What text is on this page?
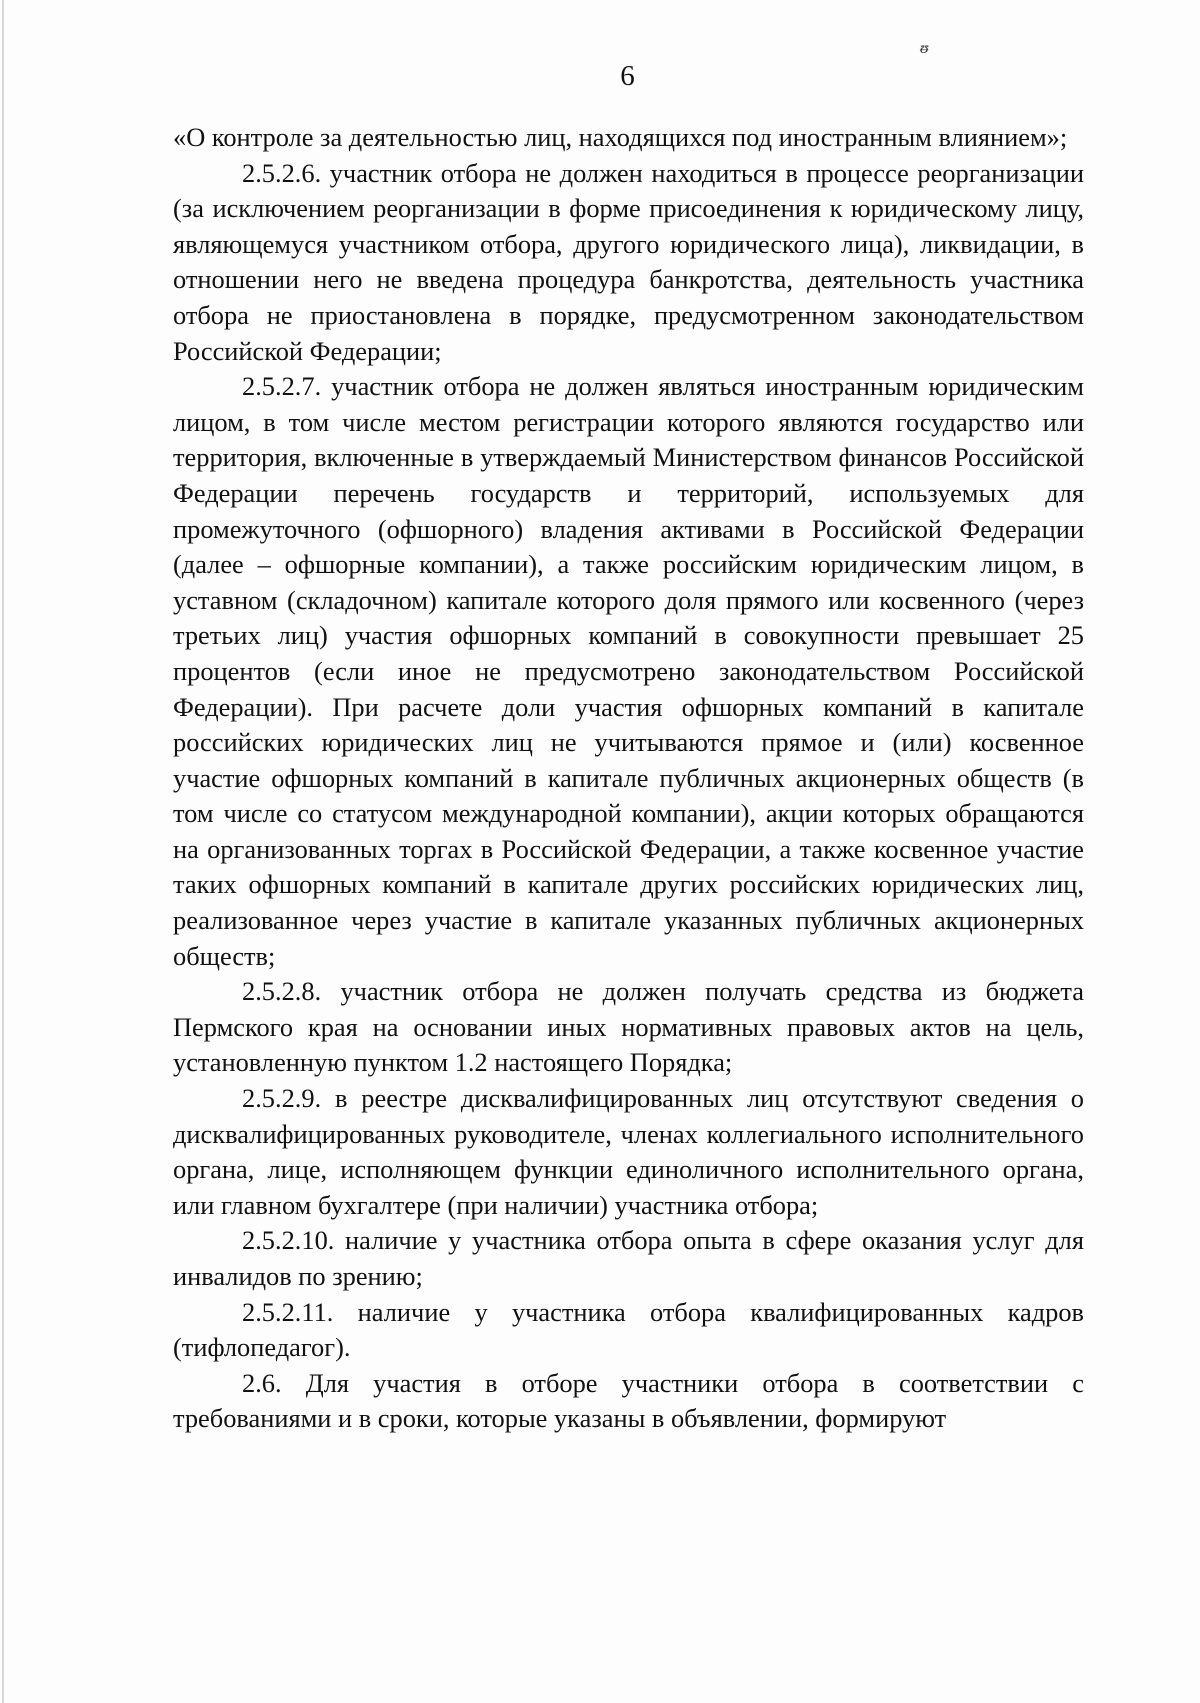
ᵿ
6

«О контроле за деятельностью лиц, находящихся под иностранным влиянием»;

2.5.2.6. участник отбора не должен находиться в процессе реорганизации (за исключением реорганизации в форме присоединения к юридическому лицу, являющемуся участником отбора, другого юридического лица), ликвидации, в отношении него не введена процедура банкротства, деятельность участника отбора не приостановлена в порядке, предусмотренном законодательством Российской Федерации;

2.5.2.7. участник отбора не должен являться иностранным юридическим лицом, в том числе местом регистрации которого являются государство или территория, включенные в утверждаемый Министерством финансов Российской Федерации перечень государств и территорий, используемых для промежуточного (офшорного) владения активами в Российской Федерации (далее – офшорные компании), а также российским юридическим лицом, в уставном (складочном) капитале которого доля прямого или косвенного (через третьих лиц) участия офшорных компаний в совокупности превышает 25 процентов (если иное не предусмотрено законодательством Российской Федерации). При расчете доли участия офшорных компаний в капитале российских юридических лиц не учитываются прямое и (или) косвенное участие офшорных компаний в капитале публичных акционерных обществ (в том числе со статусом международной компании), акции которых обращаются на организованных торгах в Российской Федерации, а также косвенное участие таких офшорных компаний в капитале других российских юридических лиц, реализованное через участие в капитале указанных публичных акционерных обществ;

2.5.2.8. участник отбора не должен получать средства из бюджета Пермского края на основании иных нормативных правовых актов на цель, установленную пунктом 1.2 настоящего Порядка;

2.5.2.9. в реестре дисквалифицированных лиц отсутствуют сведения о дисквалифицированных руководителе, членах коллегиального исполнительного органа, лице, исполняющем функции единоличного исполнительного органа, или главном бухгалтере (при наличии) участника отбора;

2.5.2.10. наличие у участника отбора опыта в сфере оказания услуг для инвалидов по зрению;

2.5.2.11. наличие у участника отбора квалифицированных кадров (тифлопедагог).

2.6. Для участия в отборе участники отбора в соответствии с требованиями и в сроки, которые указаны в объявлении, формируют
